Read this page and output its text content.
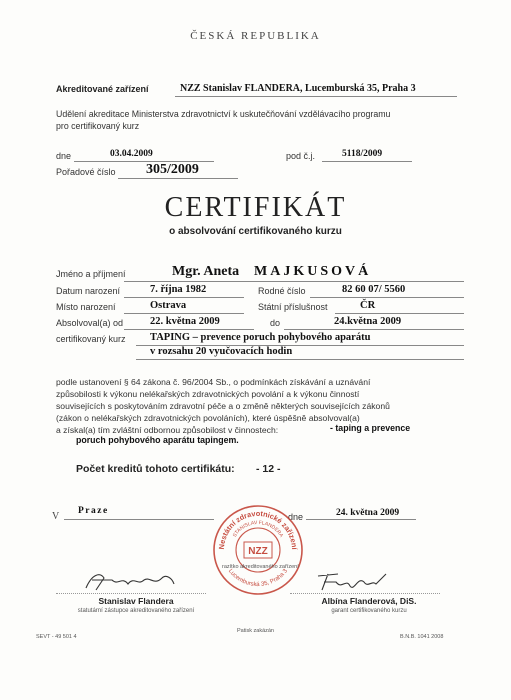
ČESKÁ REPUBLIKA
Akreditované zařízení	NZZ Stanislav FLANDERA, Lucemburská 35, Praha 3
Udělení akreditace Ministerstva zdravotnictví k uskutečňování vzdělávacího programu
pro certifikovaný kurz
dne	03.04.2009	pod č.j.	5118/2009
Pořadové číslo 305/2009
CERTIFIKÁT
o absolvování certifikovaného kurzu
Jméno a příjmení	Mgr. Aneta MAJKUSOVÁ
Datum narození	7. října 1982	Rodné číslo	82 60 07/ 5560
Místo narození	Ostrava	Státní příslušnost	ČR
Absolvoval(a) od	22. května 2009	do	24.května 2009
certifikovaný kurz TAPING – prevence poruch pohybového aparátu
v rozsahu 20 vyučovacích hodin
podle ustanovení § 64 zákona č. 96/2004 Sb., o podmínkách získávání a uznávání
způsobilosti k výkonu nelékařských zdravotnických povolání a k výkonu činností
souvisejících s poskytováním zdravotní péče a o změně některých souvisejících zákonů
(zákon o nelékařských zdravotnických povoláních), které úspěšně absolvoval(a)
a získal(a) tím zvláštní odbornou způsobilost v činnostech:	- taping a prevence
poruch pohybového aparátu tapingem.
Počet kreditů tohoto certifikátu: - 12 -
V Praze
dne	24. května 2009
Nestátní zdravotnické zařízení
STANISLAV FLANDERA
Lucemburská 35, Praha 3
NZZ
razítko akreditovaného zařízení
Stanislav Flandera
statutární zástupce akreditovaného zařízení
Albína Flanderová, DiS.
garant certifikovaného kurzu
SEVT - 49 501 4
Patisk zakázán
B.N.B. 1041 2008
